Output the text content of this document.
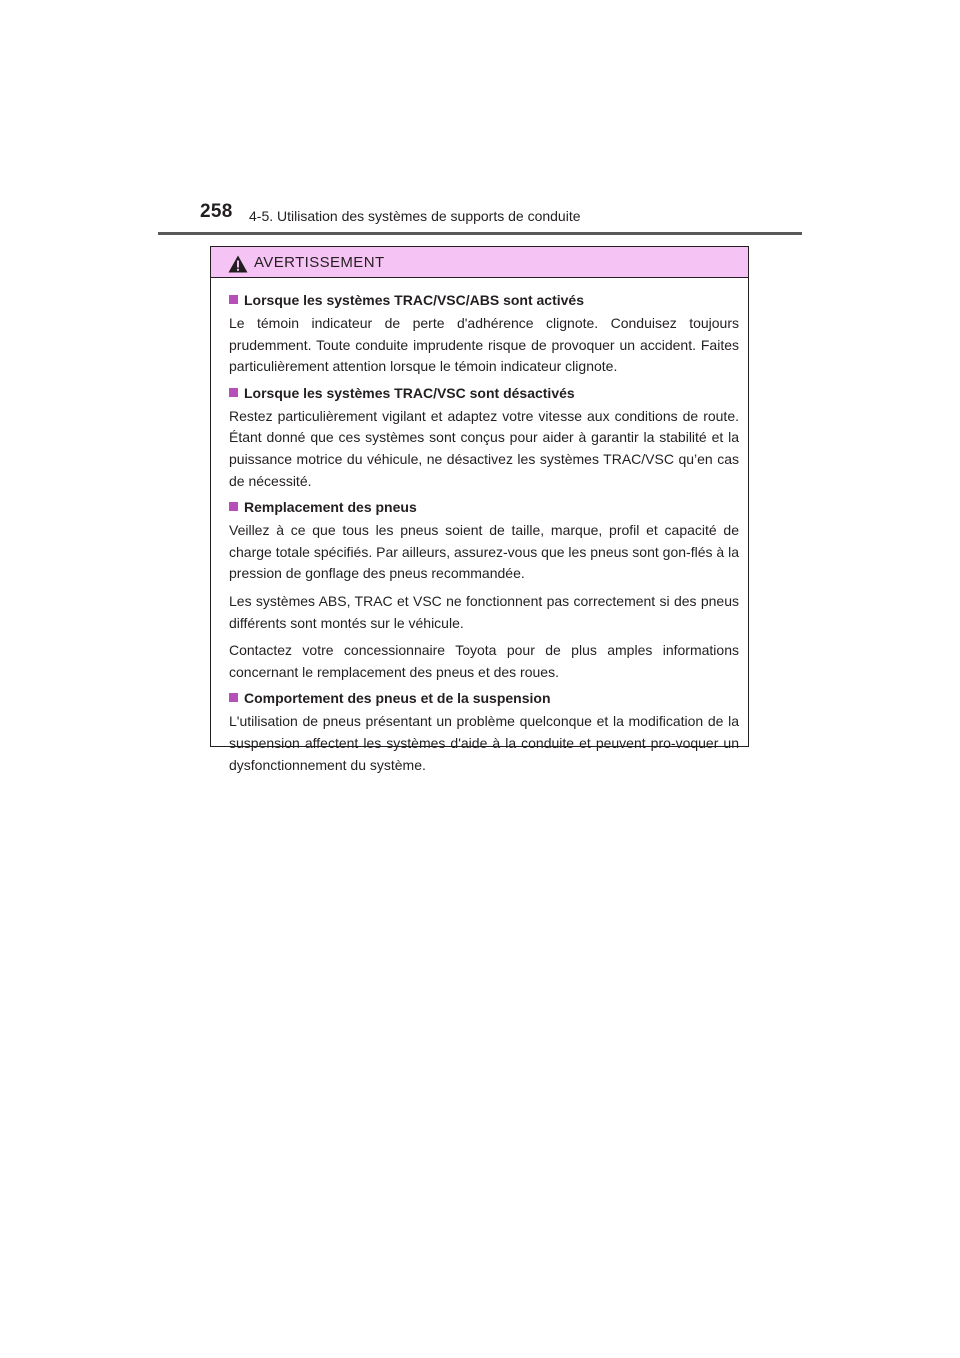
258 4-5. Utilisation des systèmes de supports de conduite
AVERTISSEMENT
Lorsque les systèmes TRAC/VSC/ABS sont activés

Le témoin indicateur de perte d'adhérence clignote. Conduisez toujours prudemment. Toute conduite imprudente risque de provoquer un accident. Faites particulièrement attention lorsque le témoin indicateur clignote.

Lorsque les systèmes TRAC/VSC sont désactivés

Restez particulièrement vigilant et adaptez votre vitesse aux conditions de route. Étant donné que ces systèmes sont conçus pour aider à garantir la stabilité et la puissance motrice du véhicule, ne désactivez les systèmes TRAC/VSC qu’en cas de nécessité.

Remplacement des pneus

Veillez à ce que tous les pneus soient de taille, marque, profil et capacité de charge totale spécifiés. Par ailleurs, assurez-vous que les pneus sont gon-flés à la pression de gonflage des pneus recommandée.

Les systèmes ABS, TRAC et VSC ne fonctionnent pas correctement si des pneus différents sont montés sur le véhicule.

Contactez votre concessionnaire Toyota pour de plus amples informations concernant le remplacement des pneus et des roues.

Comportement des pneus et de la suspension

L'utilisation de pneus présentant un problème quelconque et la modification de la suspension affectent les systèmes d'aide à la conduite et peuvent pro-voquer un dysfonctionnement du système.
